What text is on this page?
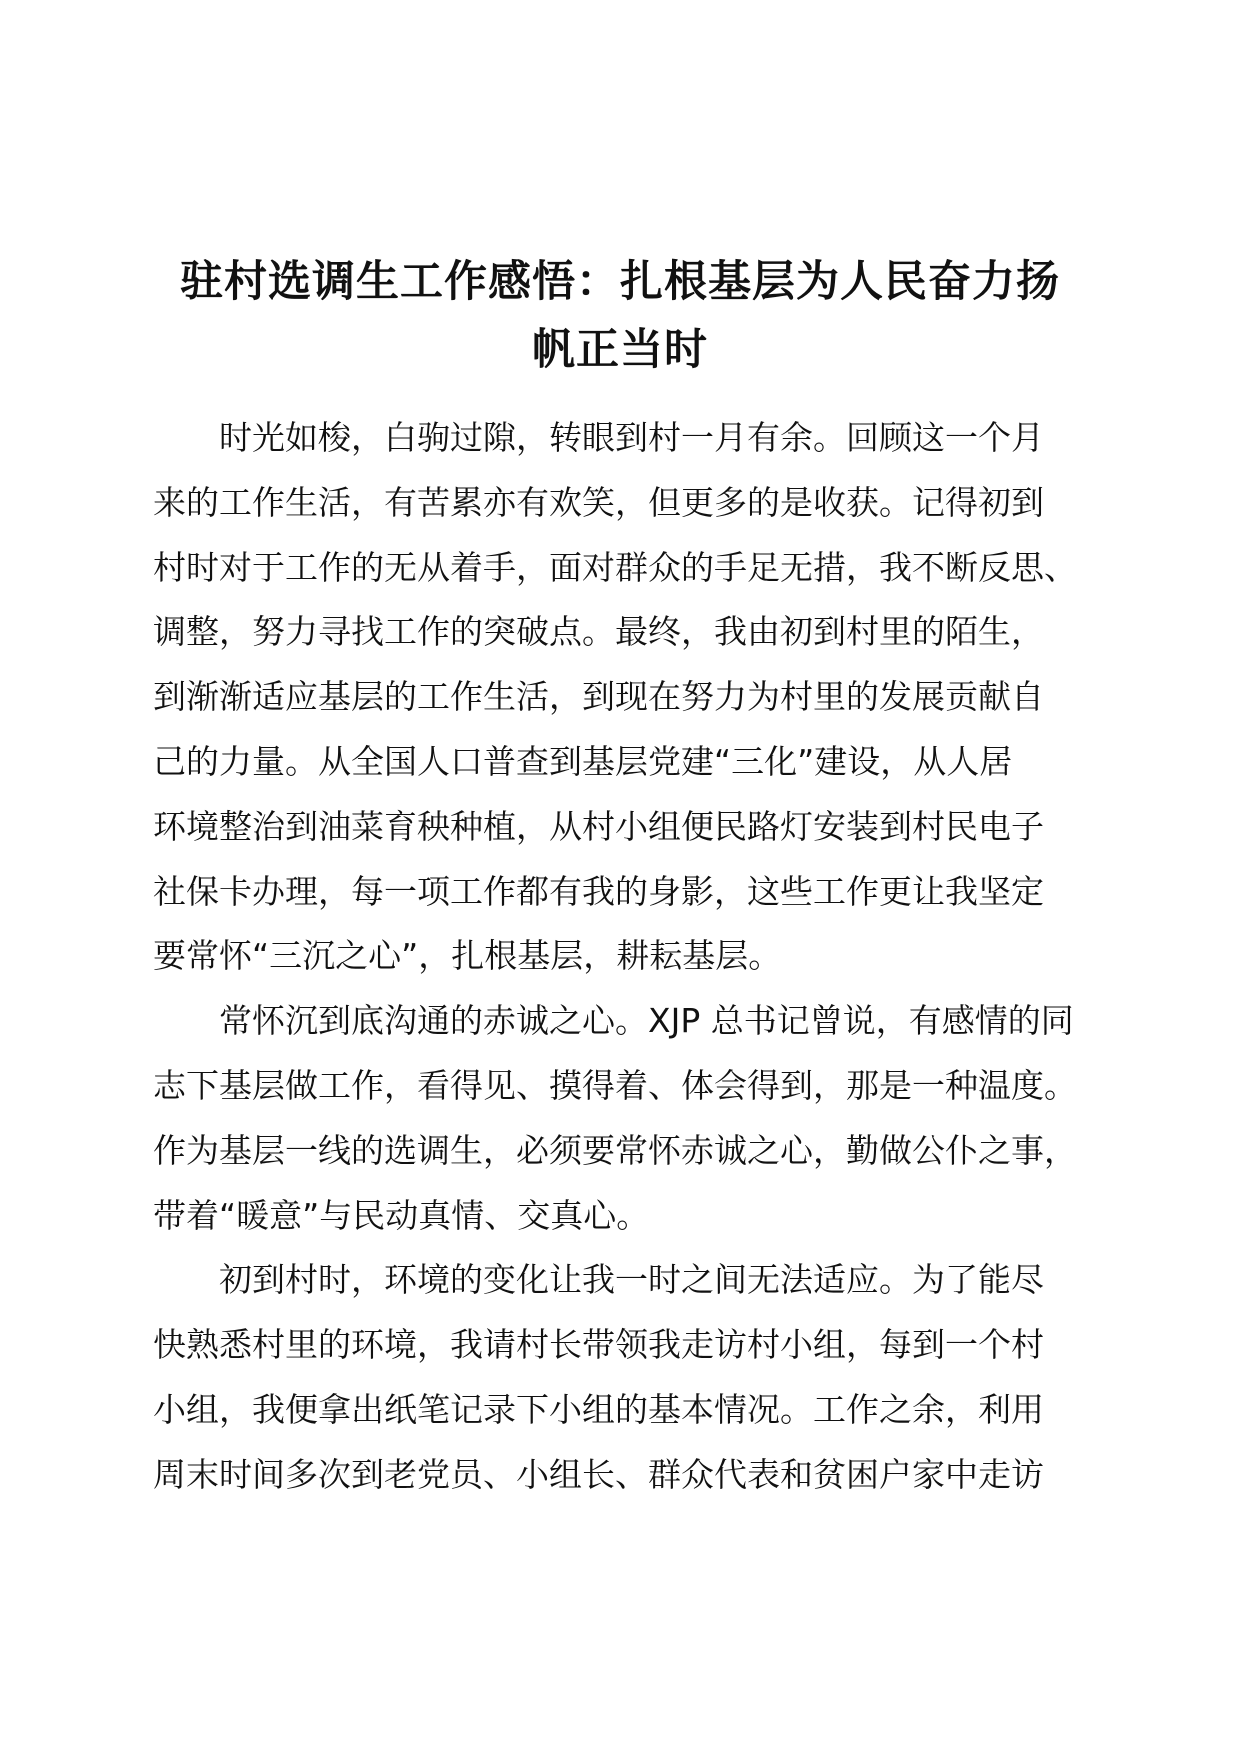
驻村选调生工作感悟：扎根基层为人民奋力扬
帆正当时
时光如梭，白驹过隙，转眼到村一月有余。回顾这一个月
来的工作生活，有苦累亦有欢笑，但更多的是收获。记得初到
村时对于工作的无从着手，面对群众的手足无措，我不断反思、
调整，努力寻找工作的突破点。最终，我由初到村里的陌生，
到渐渐适应基层的工作生活，到现在努力为村里的发展贡献自
己的力量。从全国人口普查到基层党建“三化”建设，从人居
环境整治到油菜育秧种植，从村小组便民路灯安装到村民电子
社保卡办理，每一项工作都有我的身影，这些工作更让我坚定
要常怀“三沉之心”，扎根基层，耕耘基层。
常怀沉到底沟通的赤诚之心。XJP 总书记曾说，有感情的同
志下基层做工作，看得见、摸得着、体会得到，那是一种温度。
作为基层一线的选调生，必须要常怀赤诚之心，勤做公仆之事，
带着“暖意”与民动真情、交真心。
初到村时，环境的变化让我一时之间无法适应。为了能尽
快熟悉村里的环境，我请村长带领我走访村小组，每到一个村
小组，我便拿出纸笔记录下小组的基本情况。工作之余，利用
周末时间多次到老党员、小组长、群众代表和贫困户家中走访
